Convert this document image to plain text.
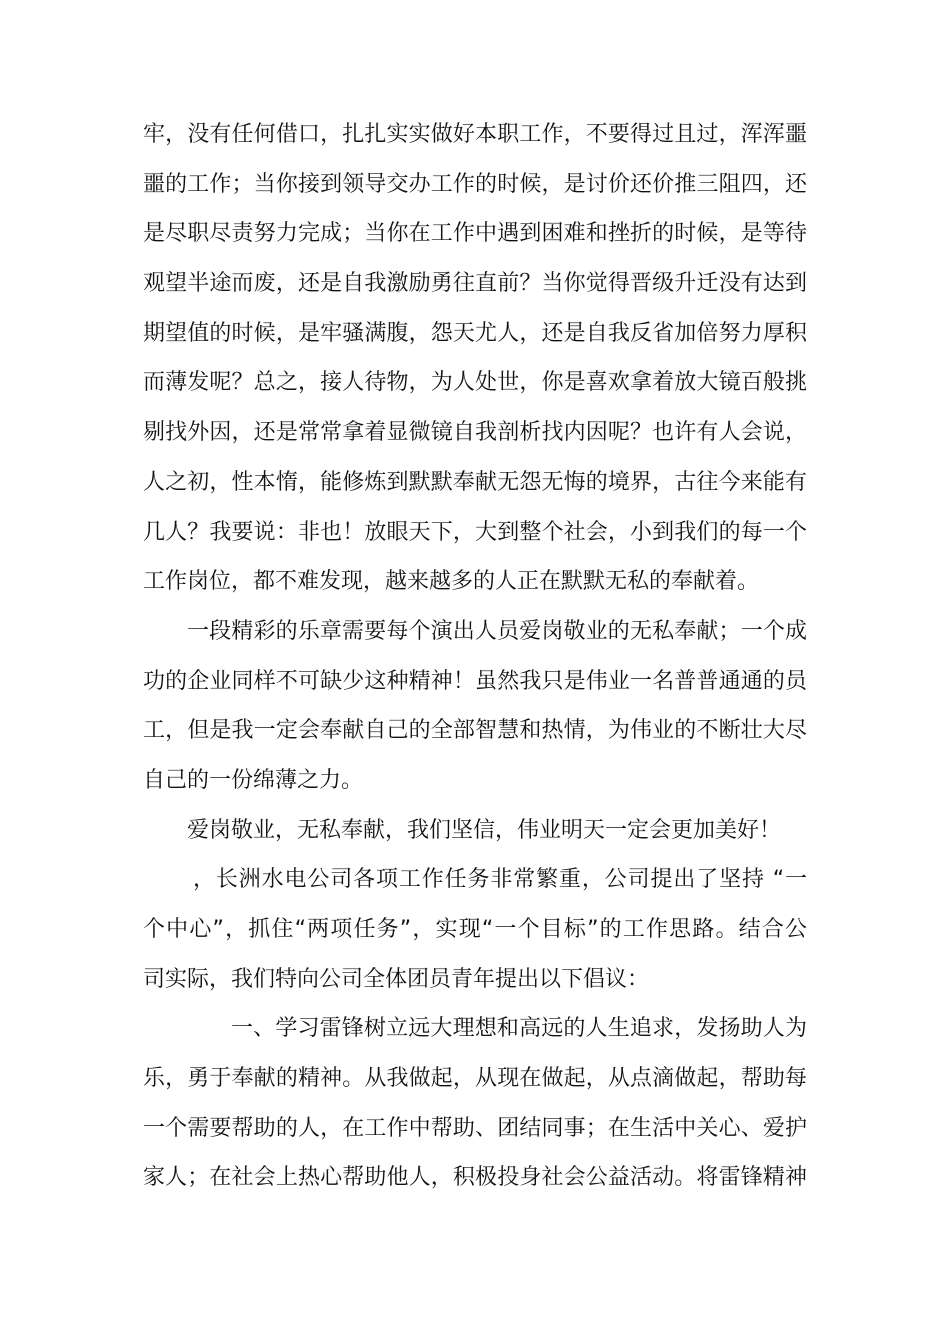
牢，没有任何借口，扎扎实实做好本职工作，不要得过且过，浑浑噩
噩的工作；当你接到领导交办工作的时候，是讨价还价推三阻四，还
是尽职尽责努力完成；当你在工作中遇到困难和挫折的时候，是等待
观望半途而废，还是自我激励勇往直前？当你觉得晋级升迁没有达到
期望值的时候，是牢骚满腹，怨天尤人，还是自我反省加倍努力厚积
而薄发呢？总之，接人待物，为人处世，你是喜欢拿着放大镜百般挑
剔找外因，还是常常拿着显微镜自我剖析找内因呢？也许有人会说，
人之初，性本惰，能修炼到默默奉献无怨无悔的境界，古往今来能有
几人？我要说：非也！放眼天下，大到整个社会，小到我们的每一个
工作岗位，都不难发现，越来越多的人正在默默无私的奉献着。
一段精彩的乐章需要每个演出人员爱岗敬业的无私奉献；一个成
功的企业同样不可缺少这种精神！虽然我只是伟业一名普普通通的员
工，但是我一定会奉献自己的全部智慧和热情，为伟业的不断壮大尽
自己的一份绵薄之力。
爱岗敬业，无私奉献，我们坚信，伟业明天一定会更加美好！
，长洲水电公司各项工作任务非常繁重，公司提出了坚持 “一
个中心”，抓住“两项任务”，实现“一个目标”的工作思路。结合公
司实际，我们特向公司全体团员青年提出以下倡议：
一、学习雷锋树立远大理想和高远的人生追求，发扬助人为
乐，勇于奉献的精神。从我做起，从现在做起，从点滴做起，帮助每
一个需要帮助的人，在工作中帮助、团结同事；在生活中关心、爱护
家人；在社会上热心帮助他人，积极投身社会公益活动。将雷锋精神
